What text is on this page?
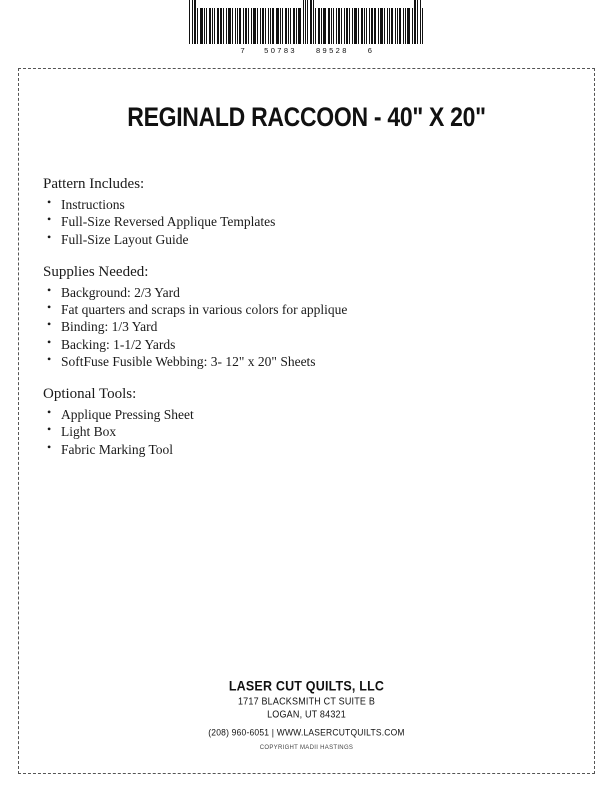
7	50783	89528	6
REGINALD RACCOON - 40" X 20"
Pattern Includes:
• Instructions
• Full-Size Reversed Applique Templates
• Full-Size Layout Guide
Supplies Needed:
• Background: 2/3 Yard
• Fat quarters and scraps in various colors for applique
• Binding: 1/3 Yard
• Backing: 1-1/2 Yards
• SoftFuse Fusible Webbing: 3- 12" x 20" Sheets
Optional Tools:
• Applique Pressing Sheet
• Light Box
• Fabric Marking Tool
LASER CUT QUILTS, LLC
1717 BLACKSMITH CT SUITE B
LOGAN, UT 84321
(208) 960-6051 | WWW.LASERCUTQUILTS.COM
COPYRIGHT MADII HASTINGS
